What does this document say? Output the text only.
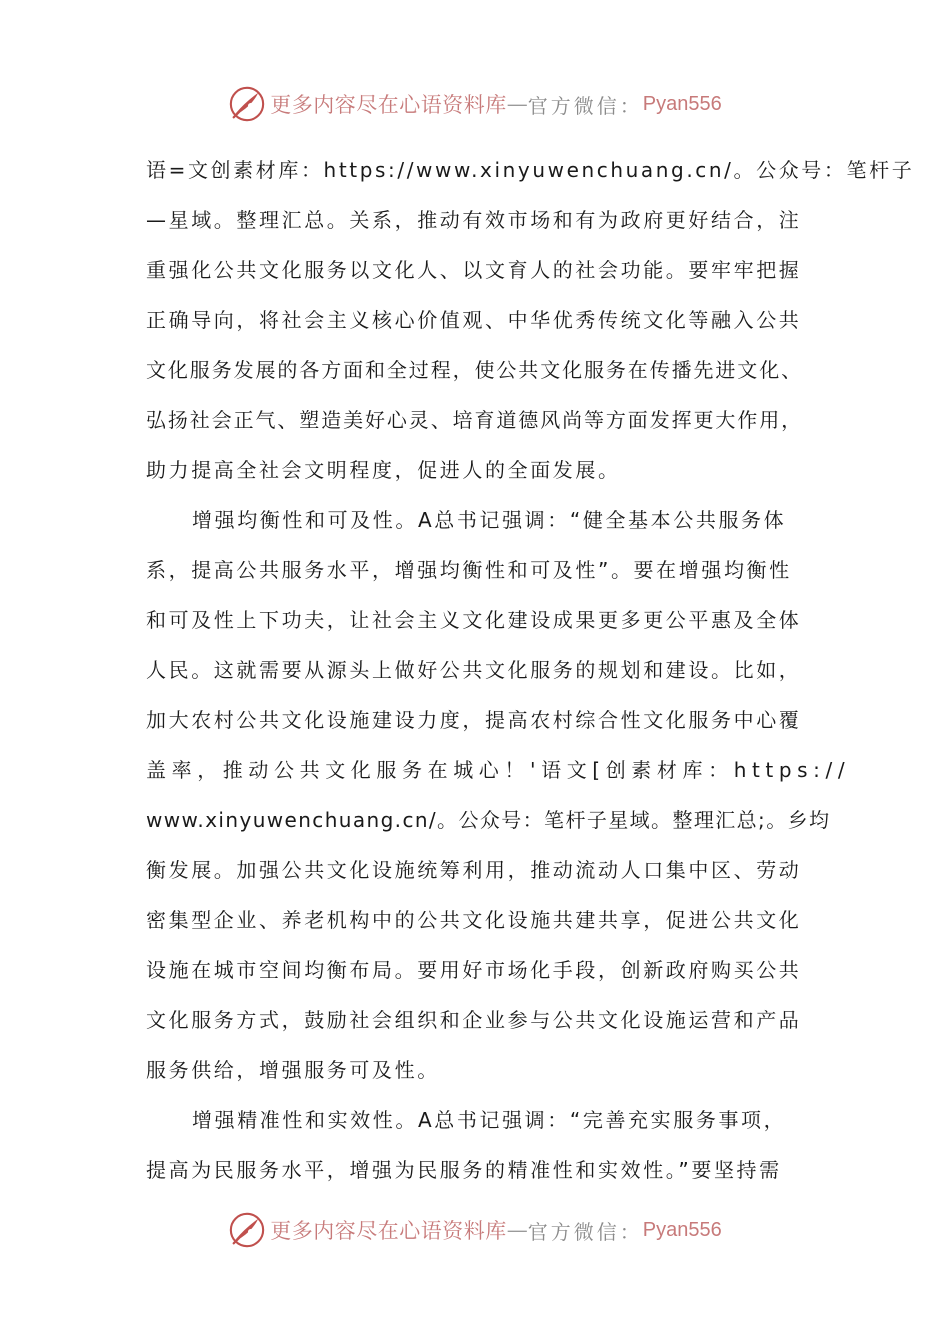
更多内容尽在心语资料库 — 官方微信： Pyan556
语=文创素材库：https://www.xinyuwenchuang.cn/。公众号：笔杆子
—星域。整理汇总。关系，推动有效市场和有为政府更好结合，注
重强化公共文化服务以文化人、以文育人的社会功能。要牢牢把握
正确导向，将社会主义核心价值观、中华优秀传统文化等融入公共
文化服务发展的各方面和全过程，使公共文化服务在传播先进文化、
弘扬社会正气、塑造美好心灵、培育道德风尚等方面发挥更大作用，
助力提高全社会文明程度，促进人的全面发展。
增强均衡性和可及性。A总书记强调：“健全基本公共服务体
系，提高公共服务水平，增强均衡性和可及性”。要在增强均衡性
和可及性上下功夫，让社会主义文化建设成果更多更公平惠及全体
人民。这就需要从源头上做好公共文化服务的规划和建设。比如，
加大农村公共文化设施建设力度，提高农村综合性文化服务中心覆
盖率，推动公共文化服务在城心！'语文[创素材库：https://
www.xinyuwenchuang.cn/。公众号：笔杆子星域。整理汇总;。乡均
衡发展。加强公共文化设施统筹利用，推动流动人口集中区、劳动
密集型企业、养老机构中的公共文化设施共建共享，促进公共文化
设施在城市空间均衡布局。要用好市场化手段，创新政府购买公共
文化服务方式，鼓励社会组织和企业参与公共文化设施运营和产品
服务供给，增强服务可及性。
增强精准性和实效性。A总书记强调：“完善充实服务事项，
提高为民服务水平，增强为民服务的精准性和实效性。”要坚持需
更多内容尽在心语资料库 — 官方微信： Pyan556
